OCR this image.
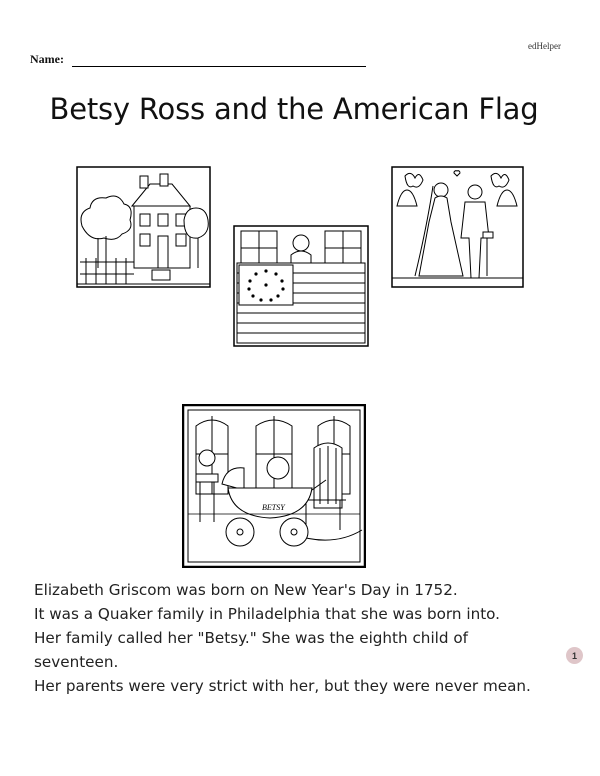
edHelper
Name:
Betsy Ross and the American Flag
BETSY

Elizabeth Griscom was born on New Year's Day in 1752.

It was a Quaker family in Philadelphia that she was born into.

Her family called her "Betsy." She was the eighth child of

seventeen.

Her parents were very strict with her, but they were never mean.

1
